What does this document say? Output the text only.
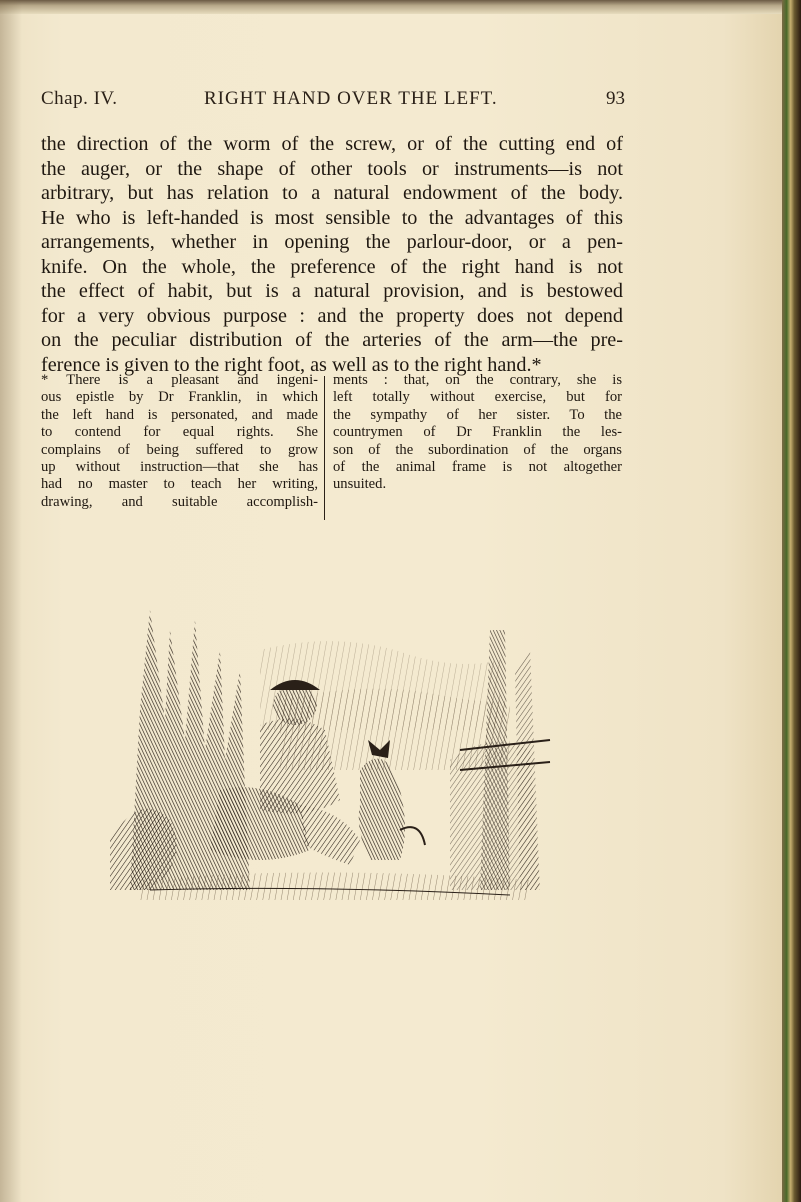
Chap. IV.	RIGHT HAND OVER THE LEFT.	93
the direction of the worm of the screw, or of the cutting end of
the auger, or the shape of other tools or instruments—is not
arbitrary, but has relation to a natural endowment of the body.
He who is left-handed is most sensible to the advantages of this
arrangements, whether in opening the parlour-door, or a pen-
knife. On the whole, the preference of the right hand is not
the effect of habit, but is a natural provision, and is bestowed
for a very obvious purpose : and the property does not depend
on the peculiar distribution of the arteries of the arm—the pre-
ference is given to the right foot, as well as to the right hand.*
* There is a pleasant and ingeni-
ous epistle by Dr Franklin, in which
the left hand is personated, and made
to contend for equal rights. She
complains of being suffered to grow
up without instruction—that she has
had no master to teach her writing,
drawing, and suitable accomplish-
ments : that, on the contrary, she is
left totally without exercise, but for
the sympathy of her sister. To the
countrymen of Dr Franklin the les-
son of the subordination of the organs
of the animal frame is not altogether
unsuited.
